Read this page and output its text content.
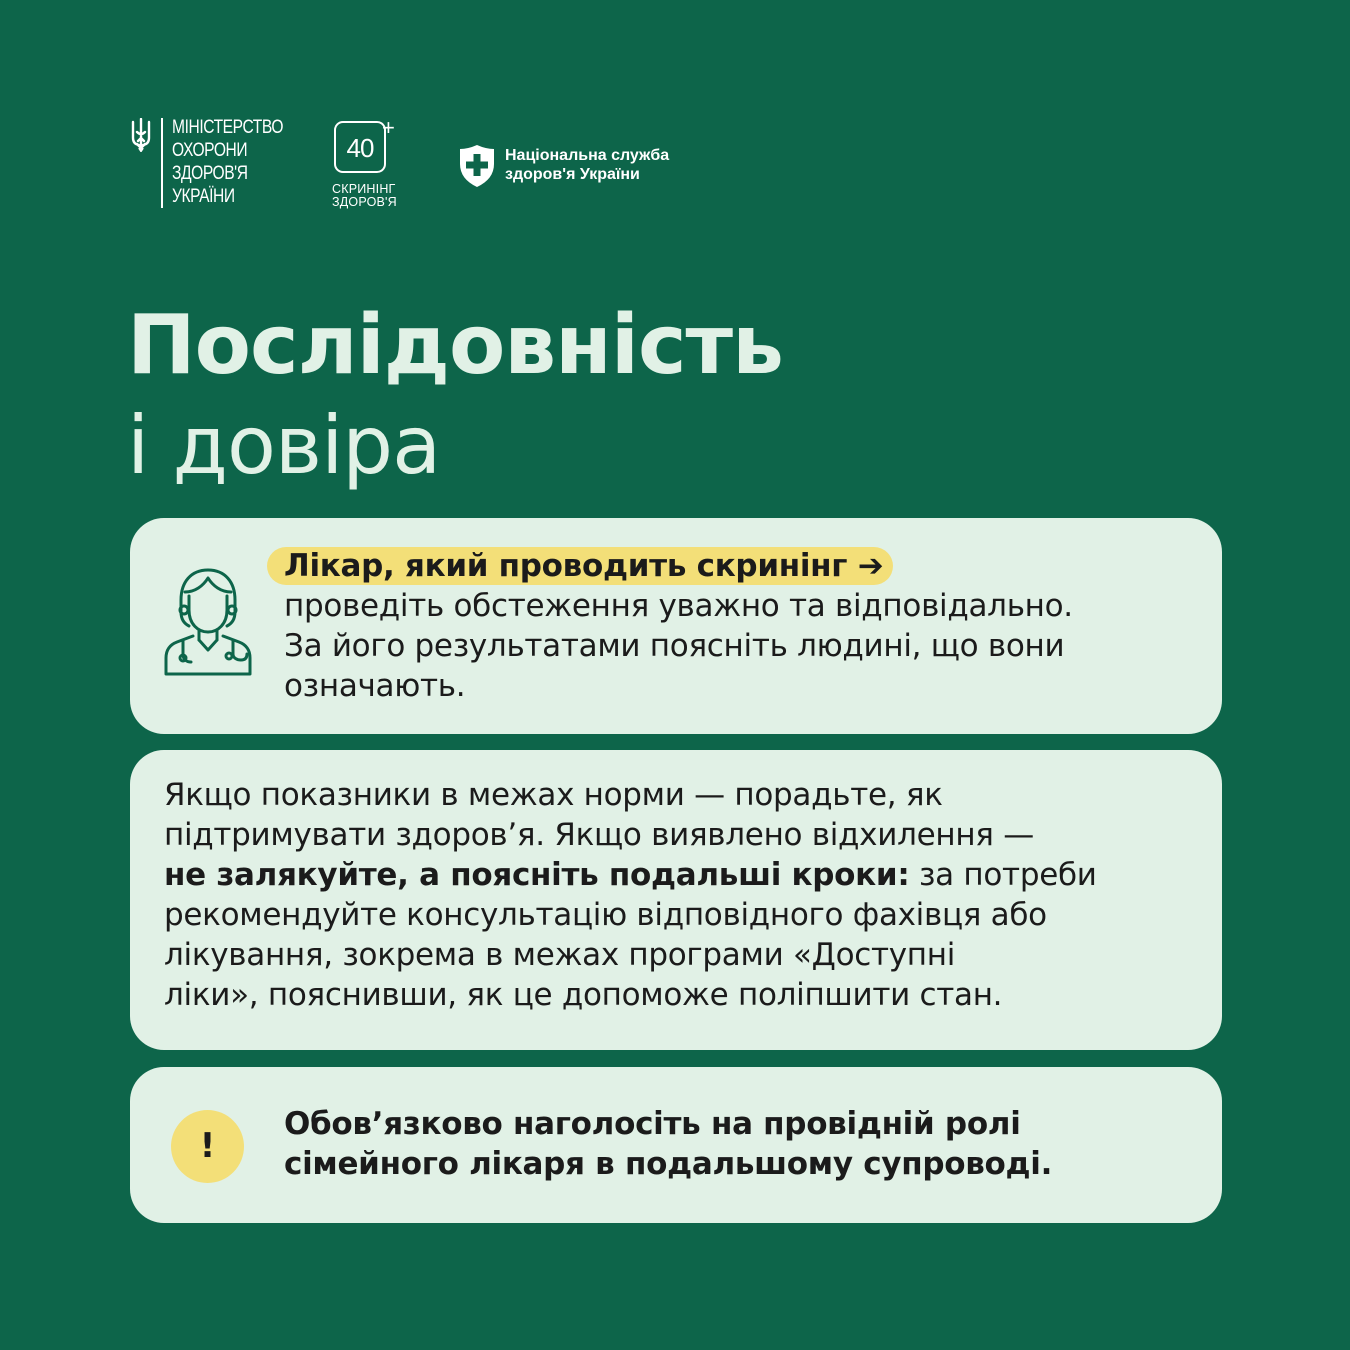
МІНІСТЕРСТВО
ОХОРОНИ
ЗДОРОВ'Я
УКРАЇНИ
40
+
СКРИНІНГ
ЗДОРОВ'Я
Національна служба
здоров'я України
Послідовність
і довіра
Лікар, який проводить скринінг ➔
проведіть обстеження уважно та відповідально.
За його результатами поясніть людині, що вони
означають.
Якщо показники в межах норми — порадьте, як
підтримувати здоров’я. Якщо виявлено відхилення —
не залякуйте, а поясніть подальші кроки: за потреби
рекомендуйте консультацію відповідного фахівця або
лікування, зокрема в межах програми «Доступні
ліки», пояснивши, як це допоможе поліпшити стан.
!
Обов’язково наголосіть на провідній ролі
сімейного лікаря в подальшому супроводі.
